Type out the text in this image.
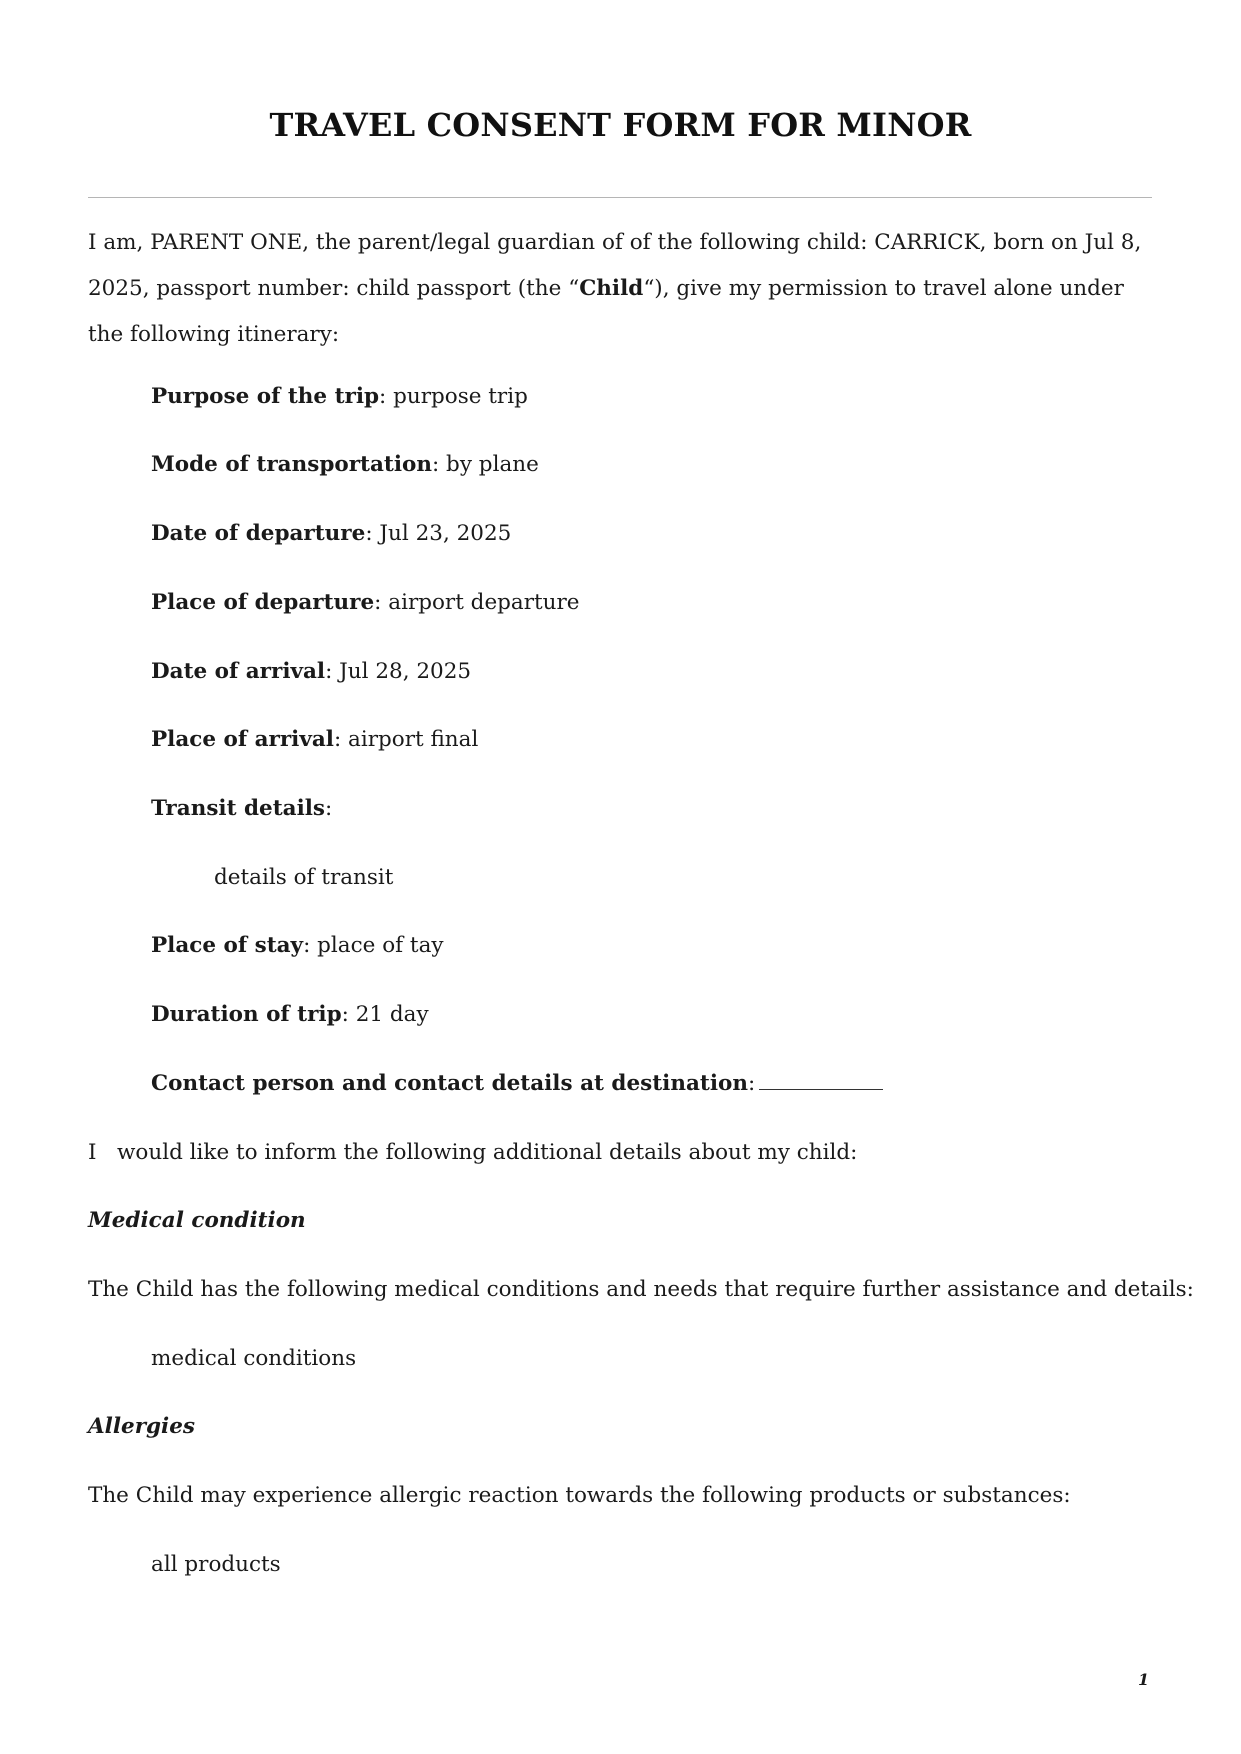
TRAVEL CONSENT FORM FOR MINOR
I am, PARENT ONE, the parent/legal guardian of of the following child: CARRICK, born on Jul 8, 2025, passport number: child passport (the “Child“), give my permission to travel alone under the following itinerary:
Purpose of the trip: purpose trip
Mode of transportation: by plane
Date of departure: Jul 23, 2025
Place of departure: airport departure
Date of arrival: Jul 28, 2025
Place of arrival: airport final
Transit details:
details of transit
Place of stay: place of tay
Duration of trip: 21 day
Contact person and contact details at destination:
I   would like to inform the following additional details about my child:
Medical condition
The Child has the following medical conditions and needs that require further assistance and details:
medical conditions
Allergies
The Child may experience allergic reaction towards the following products or substances:
all products
1
